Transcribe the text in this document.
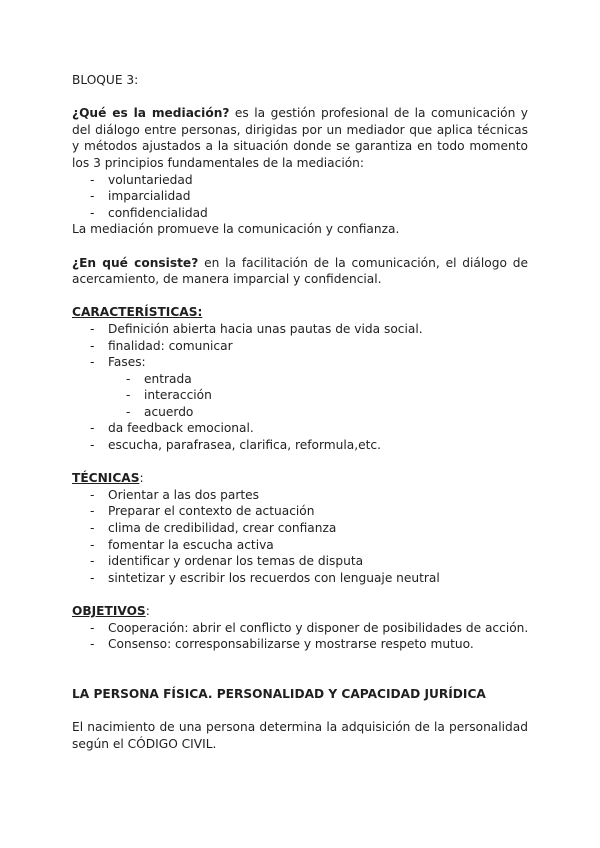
BLOQUE 3:

¿Qué es la mediación? es la gestión profesional de la comunicación y del diálogo entre personas, dirigidas por un mediador que aplica técnicas y métodos ajustados a la situación donde se garantiza en todo momento los 3 principios fundamentales de la mediación:

- voluntariedad
- imparcialidad
- confidencialidad

La mediación promueve la comunicación y confianza.

¿En qué consiste? en la facilitación de la comunicación, el diálogo de acercamiento, de manera imparcial y confidencial.

CARACTERÍSTICAS:

- Definición abierta hacia unas pautas de vida social.
- finalidad: comunicar
- Fases:
- entrada
- interacción
- acuerdo
- da feedback emocional.
- escucha, parafrasea, clarifica, reformula,etc.

TÉCNICAS:

- Orientar a las dos partes
- Preparar el contexto de actuación
- clima de credibilidad, crear confianza
- fomentar la escucha activa
- identificar y ordenar los temas de disputa
- sintetizar y escribir los recuerdos con lenguaje neutral

OBJETIVOS:

- Cooperación: abrir el conflicto y disponer de posibilidades de acción.
- Consenso: corresponsabilizarse y mostrarse respeto mutuo.

LA PERSONA FÍSICA. PERSONALIDAD Y CAPACIDAD JURÍDICA

El nacimiento de una persona determina la adquisición de la personalidad según el CÓDIGO CIVIL.
